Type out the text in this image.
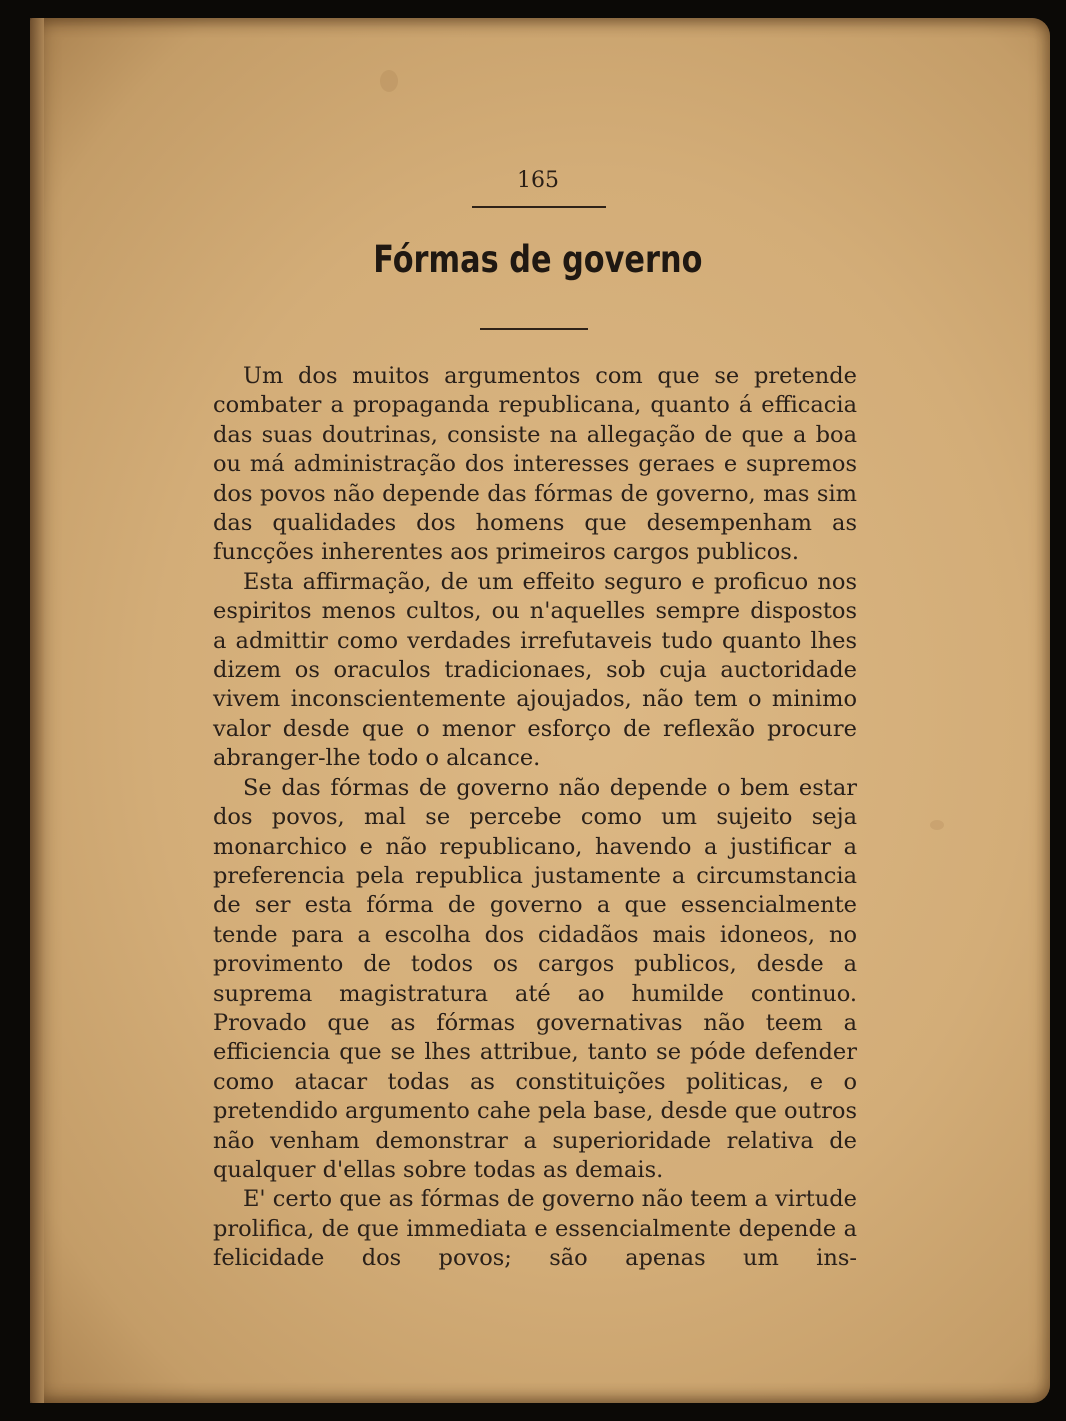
165
Fórmas de governo

Um dos muitos argumentos com que se pretende combater a propaganda republicana, quanto á efficacia das suas doutrinas, consiste na allegação de que a boa ou má administração dos interesses geraes e supremos dos povos não depende das fórmas de governo, mas sim das qualidades dos homens que desempenham as funcções inherentes aos primeiros cargos publicos.

Esta affirmação, de um effeito seguro e proficuo nos espiritos menos cultos, ou n'aquelles sempre dispostos a admittir como verdades irrefutaveis tudo quanto lhes dizem os oraculos tradicionaes, sob cuja auctoridade vivem inconscientemente ajoujados, não tem o minimo valor desde que o menor esforço de reflexão procure abranger-lhe todo o alcance.

Se das fórmas de governo não depende o bem estar dos povos, mal se percebe como um sujeito seja monarchico e não republicano, havendo a justificar a preferencia pela republica justamente a circumstancia de ser esta fórma de governo a que essencialmente tende para a escolha dos cidadãos mais idoneos, no provimento de todos os cargos publicos, desde a suprema magistratura até ao humilde continuo. Provado que as fórmas governativas não teem a efficiencia que se lhes attribue, tanto se póde defender como atacar todas as constituições politicas, e o pretendido argumento cahe pela base, desde que outros não venham demonstrar a superioridade relativa de qualquer d'ellas sobre todas as demais.

E' certo que as fórmas de governo não teem a virtude prolifica, de que immediata e essencialmente depende a felicidade dos povos; são apenas um ins-
